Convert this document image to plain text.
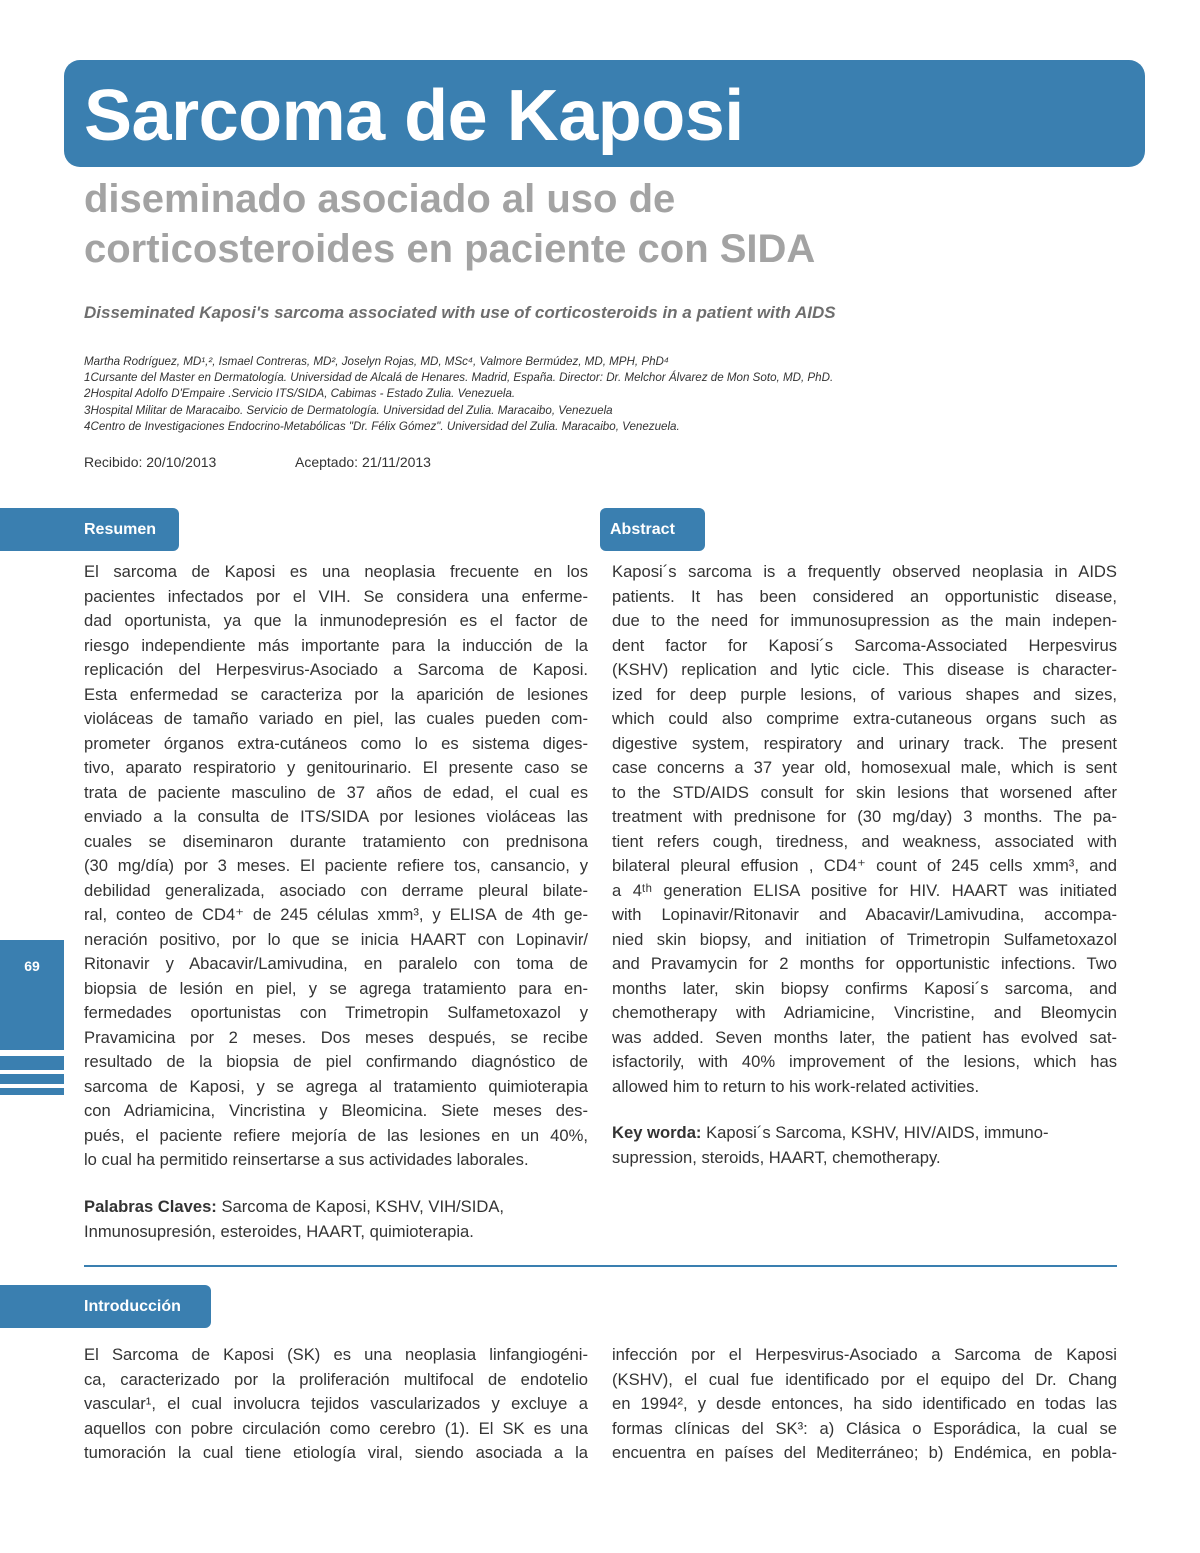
Sarcoma de Kaposi
diseminado asociado al uso de
corticosteroides en paciente con SIDA

Disseminated Kaposi's sarcoma associated with use of corticosteroids in a patient with AIDS

Martha Rodríguez, MD¹,², Ismael Contreras, MD², Joselyn Rojas, MD, MSc⁴, Valmore Bermúdez, MD, MPH, PhD⁴
1Cursante del Master en Dermatología. Universidad de Alcalá de Henares. Madrid, España. Director: Dr. Melchor Álvarez de Mon Soto, MD, PhD.
2Hospital Adolfo D'Empaire .Servicio ITS/SIDA, Cabimas - Estado Zulia. Venezuela.
3Hospital Militar de Maracaibo. Servicio de Dermatología. Universidad del Zulia. Maracaibo, Venezuela
4Centro de Investigaciones Endocrino-Metabólicas "Dr. Félix Gómez". Universidad del Zulia. Maracaibo, Venezuela.
Recibido: 20/10/2013	Aceptado: 21/11/2013
Resumen	Abstract
El sarcoma de Kaposi es una neoplasia frecuente en los
pacientes infectados por el VIH. Se considera una enferme-
dad oportunista, ya que la inmunodepresión es el factor de
riesgo independiente más importante para la inducción de la
replicación del Herpesvirus-Asociado a Sarcoma de Kaposi.
Esta enfermedad se caracteriza por la aparición de lesiones
violáceas de tamaño variado en piel, las cuales pueden com-
prometer órganos extra-cutáneos como lo es sistema diges-
tivo, aparato respiratorio y genitourinario. El presente caso se
trata de paciente masculino de 37 años de edad, el cual es
enviado a la consulta de ITS/SIDA por lesiones violáceas las
cuales se diseminaron durante tratamiento con prednisona
(30 mg/día) por 3 meses. El paciente refiere tos, cansancio, y
debilidad generalizada, asociado con derrame pleural bilate-
ral, conteo de CD4⁺ de 245 células xmm³, y ELISA de 4th ge-
neración positivo, por lo que se inicia HAART con Lopinavir/
Ritonavir y Abacavir/Lamivudina, en paralelo con toma de
biopsia de lesión en piel, y se agrega tratamiento para en-
fermedades oportunistas con Trimetropin Sulfametoxazol y
Pravamicina por 2 meses. Dos meses después, se recibe
resultado de la biopsia de piel confirmando diagnóstico de
sarcoma de Kaposi, y se agrega al tratamiento quimioterapia
con Adriamicina, Vincristina y Bleomicina. Siete meses des-
pués, el paciente refiere mejoría de las lesiones en un 40%,
lo cual ha permitido reinsertarse a sus actividades laborales.
Palabras Claves: Sarcoma de Kaposi, KSHV, VIH/SIDA,
Inmunosupresión, esteroides, HAART, quimioterapia.
Kaposi´s sarcoma is a frequently observed neoplasia in AIDS
patients. It has been considered an opportunistic disease,
due to the need for immunosupression as the main indepen-
dent factor for Kaposi´s Sarcoma-Associated Herpesvirus
(KSHV) replication and lytic cicle. This disease is character-
ized for deep purple lesions, of various shapes and sizes,
which could also comprime extra-cutaneous organs such as
digestive system, respiratory and urinary track. The present
case concerns a 37 year old, homosexual male, which is sent
to the STD/AIDS consult for skin lesions that worsened after
treatment with prednisone for (30 mg/day) 3 months. The pa-
tient refers cough, tiredness, and weakness, associated with
bilateral pleural effusion , CD4⁺ count of 245 cells xmm³, and
a 4ᵗʰ generation ELISA positive for HIV. HAART was initiated
with Lopinavir/Ritonavir and Abacavir/Lamivudina, accompa-
nied skin biopsy, and initiation of Trimetropin Sulfametoxazol
and Pravamycin for 2 months for opportunistic infections. Two
months later, skin biopsy confirms Kaposi´s sarcoma, and
chemotherapy with Adriamicine, Vincristine, and Bleomycin
was added. Seven months later, the patient has evolved sat-
isfactorily, with 40% improvement of the lesions, which has
allowed him to return to his work-related activities.
Key worda: Kaposi´s Sarcoma, KSHV, HIV/AIDS, immuno-
supression, steroids, HAART, chemotherapy.
69
Introducción
El Sarcoma de Kaposi (SK) es una neoplasia linfangiogéni-
ca, caracterizado por la proliferación multifocal de endotelio
vascular¹, el cual involucra tejidos vascularizados y excluye a
aquellos con pobre circulación como cerebro (1). El SK es una
tumoración la cual tiene etiología viral, siendo asociada a la
infección por el Herpesvirus-Asociado a Sarcoma de Kaposi
(KSHV), el cual fue identificado por el equipo del Dr. Chang
en 1994², y desde entonces, ha sido identificado en todas las
formas clínicas del SK³: a) Clásica o Esporádica, la cual se
encuentra en países del Mediterráneo; b) Endémica, en pobla-
